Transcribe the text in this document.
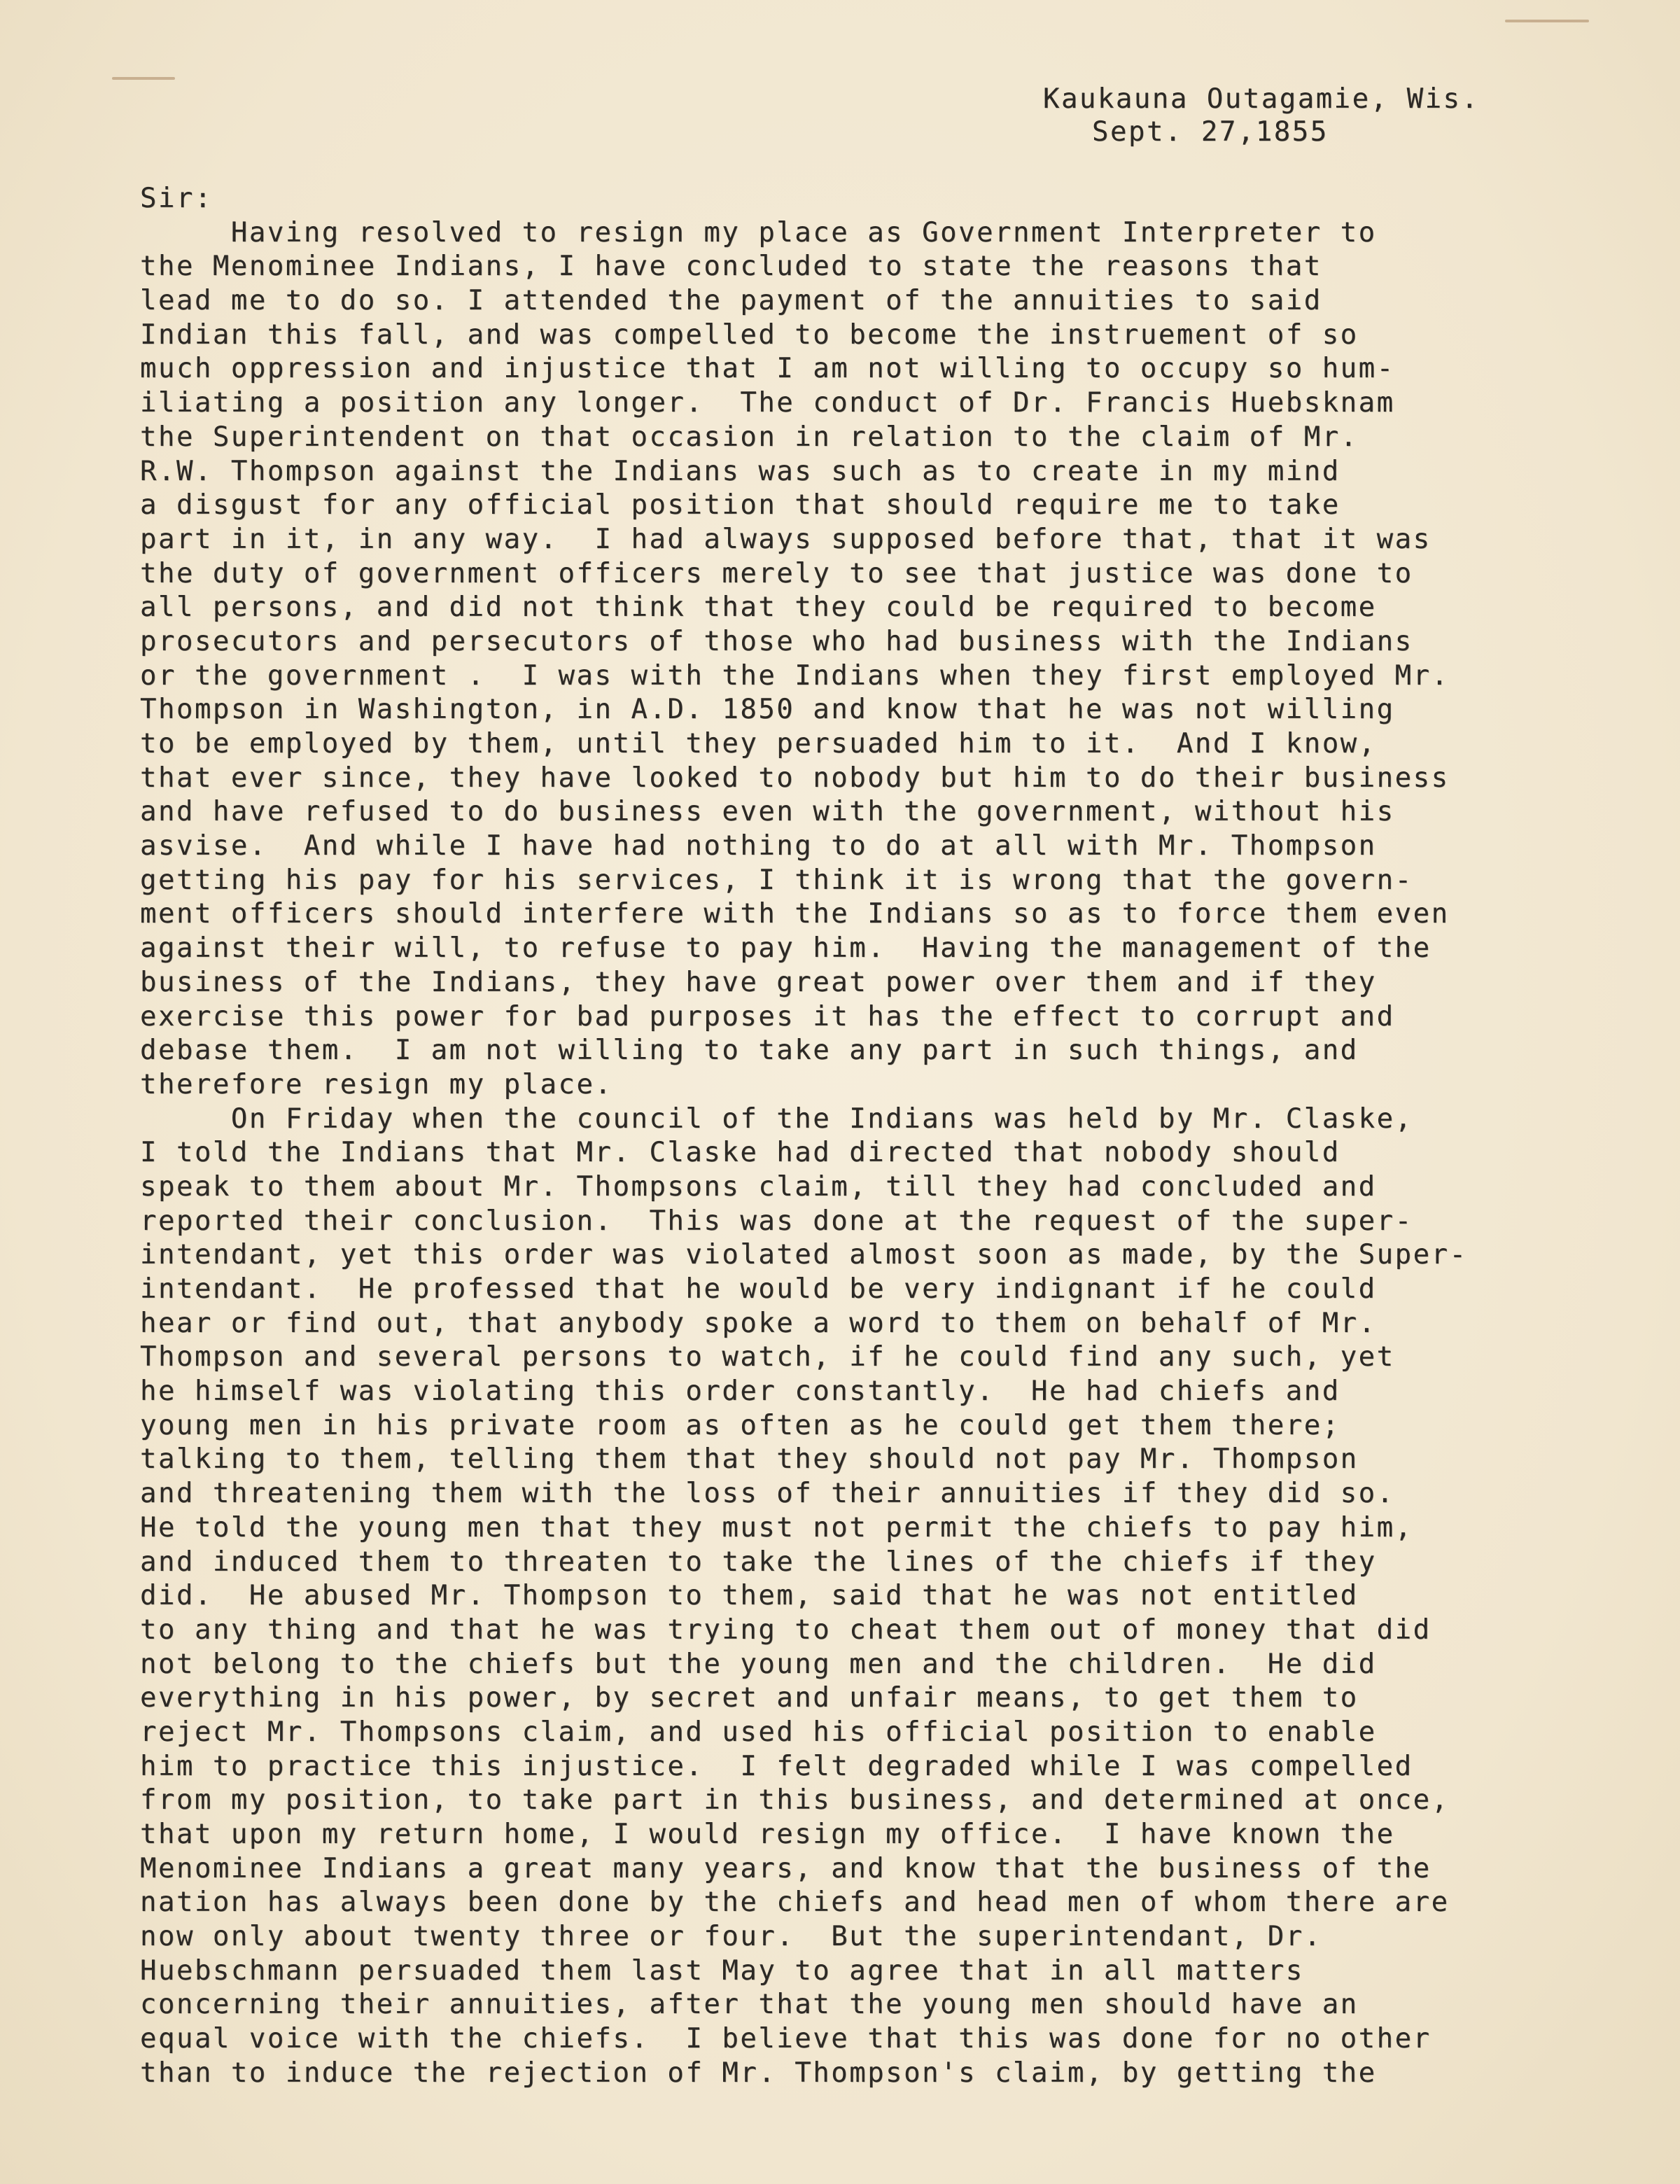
Kaukauna Outagamie, Wis.
Sept. 27,1855
Sir:
Having resolved to resign my place as Government Interpreter to
the Menominee Indians, I have concluded to state the reasons that
lead me to do so. I attended the payment of the annuities to said
Indian this fall, and was compelled to become the instruement of so
much oppression and injustice that I am not willing to occupy so hum-
iliating a position any longer.  The conduct of Dr. Francis Huebsknam
the Superintendent on that occasion in relation to the claim of Mr.
R.W. Thompson against the Indians was such as to create in my mind
a disgust for any official position that should require me to take
part in it, in any way.  I had always supposed before that, that it was
the duty of government officers merely to see that justice was done to
all persons, and did not think that they could be required to become
prosecutors and persecutors of those who had business with the Indians
or the government .  I was with the Indians when they first employed Mr.
Thompson in Washington, in A.D. 1850 and know that he was not willing
to be employed by them, until they persuaded him to it.  And I know,
that ever since, they have looked to nobody but him to do their business
and have refused to do business even with the government, without his
asvise.  And while I have had nothing to do at all with Mr. Thompson
getting his pay for his services, I think it is wrong that the govern-
ment officers should interfere with the Indians so as to force them even
against their will, to refuse to pay him.  Having the management of the
business of the Indians, they have great power over them and if they
exercise this power for bad purposes it has the effect to corrupt and
debase them.  I am not willing to take any part in such things, and
therefore resign my place.
On Friday when the council of the Indians was held by Mr. Claske,
I told the Indians that Mr. Claske had directed that nobody should
speak to them about Mr. Thompsons claim, till they had concluded and
reported their conclusion.  This was done at the request of the super-
intendant, yet this order was violated almost soon as made, by the Super-
intendant.  He professed that he would be very indignant if he could
hear or find out, that anybody spoke a word to them on behalf of Mr.
Thompson and several persons to watch, if he could find any such, yet
he himself was violating this order constantly.  He had chiefs and
young men in his private room as often as he could get them there;
talking to them, telling them that they should not pay Mr. Thompson
and threatening them with the loss of their annuities if they did so.
He told the young men that they must not permit the chiefs to pay him,
and induced them to threaten to take the lines of the chiefs if they
did.  He abused Mr. Thompson to them, said that he was not entitled
to any thing and that he was trying to cheat them out of money that did
not belong to the chiefs but the young men and the children.  He did
everything in his power, by secret and unfair means, to get them to
reject Mr. Thompsons claim, and used his official position to enable
him to practice this injustice.  I felt degraded while I was compelled
from my position, to take part in this business, and determined at once,
that upon my return home, I would resign my office.  I have known the
Menominee Indians a great many years, and know that the business of the
nation has always been done by the chiefs and head men of whom there are
now only about twenty three or four.  But the superintendant, Dr.
Huebschmann persuaded them last May to agree that in all matters
concerning their annuities, after that the young men should have an
equal voice with the chiefs.  I believe that this was done for no other
than to induce the rejection of Mr. Thompson's claim, by getting the
